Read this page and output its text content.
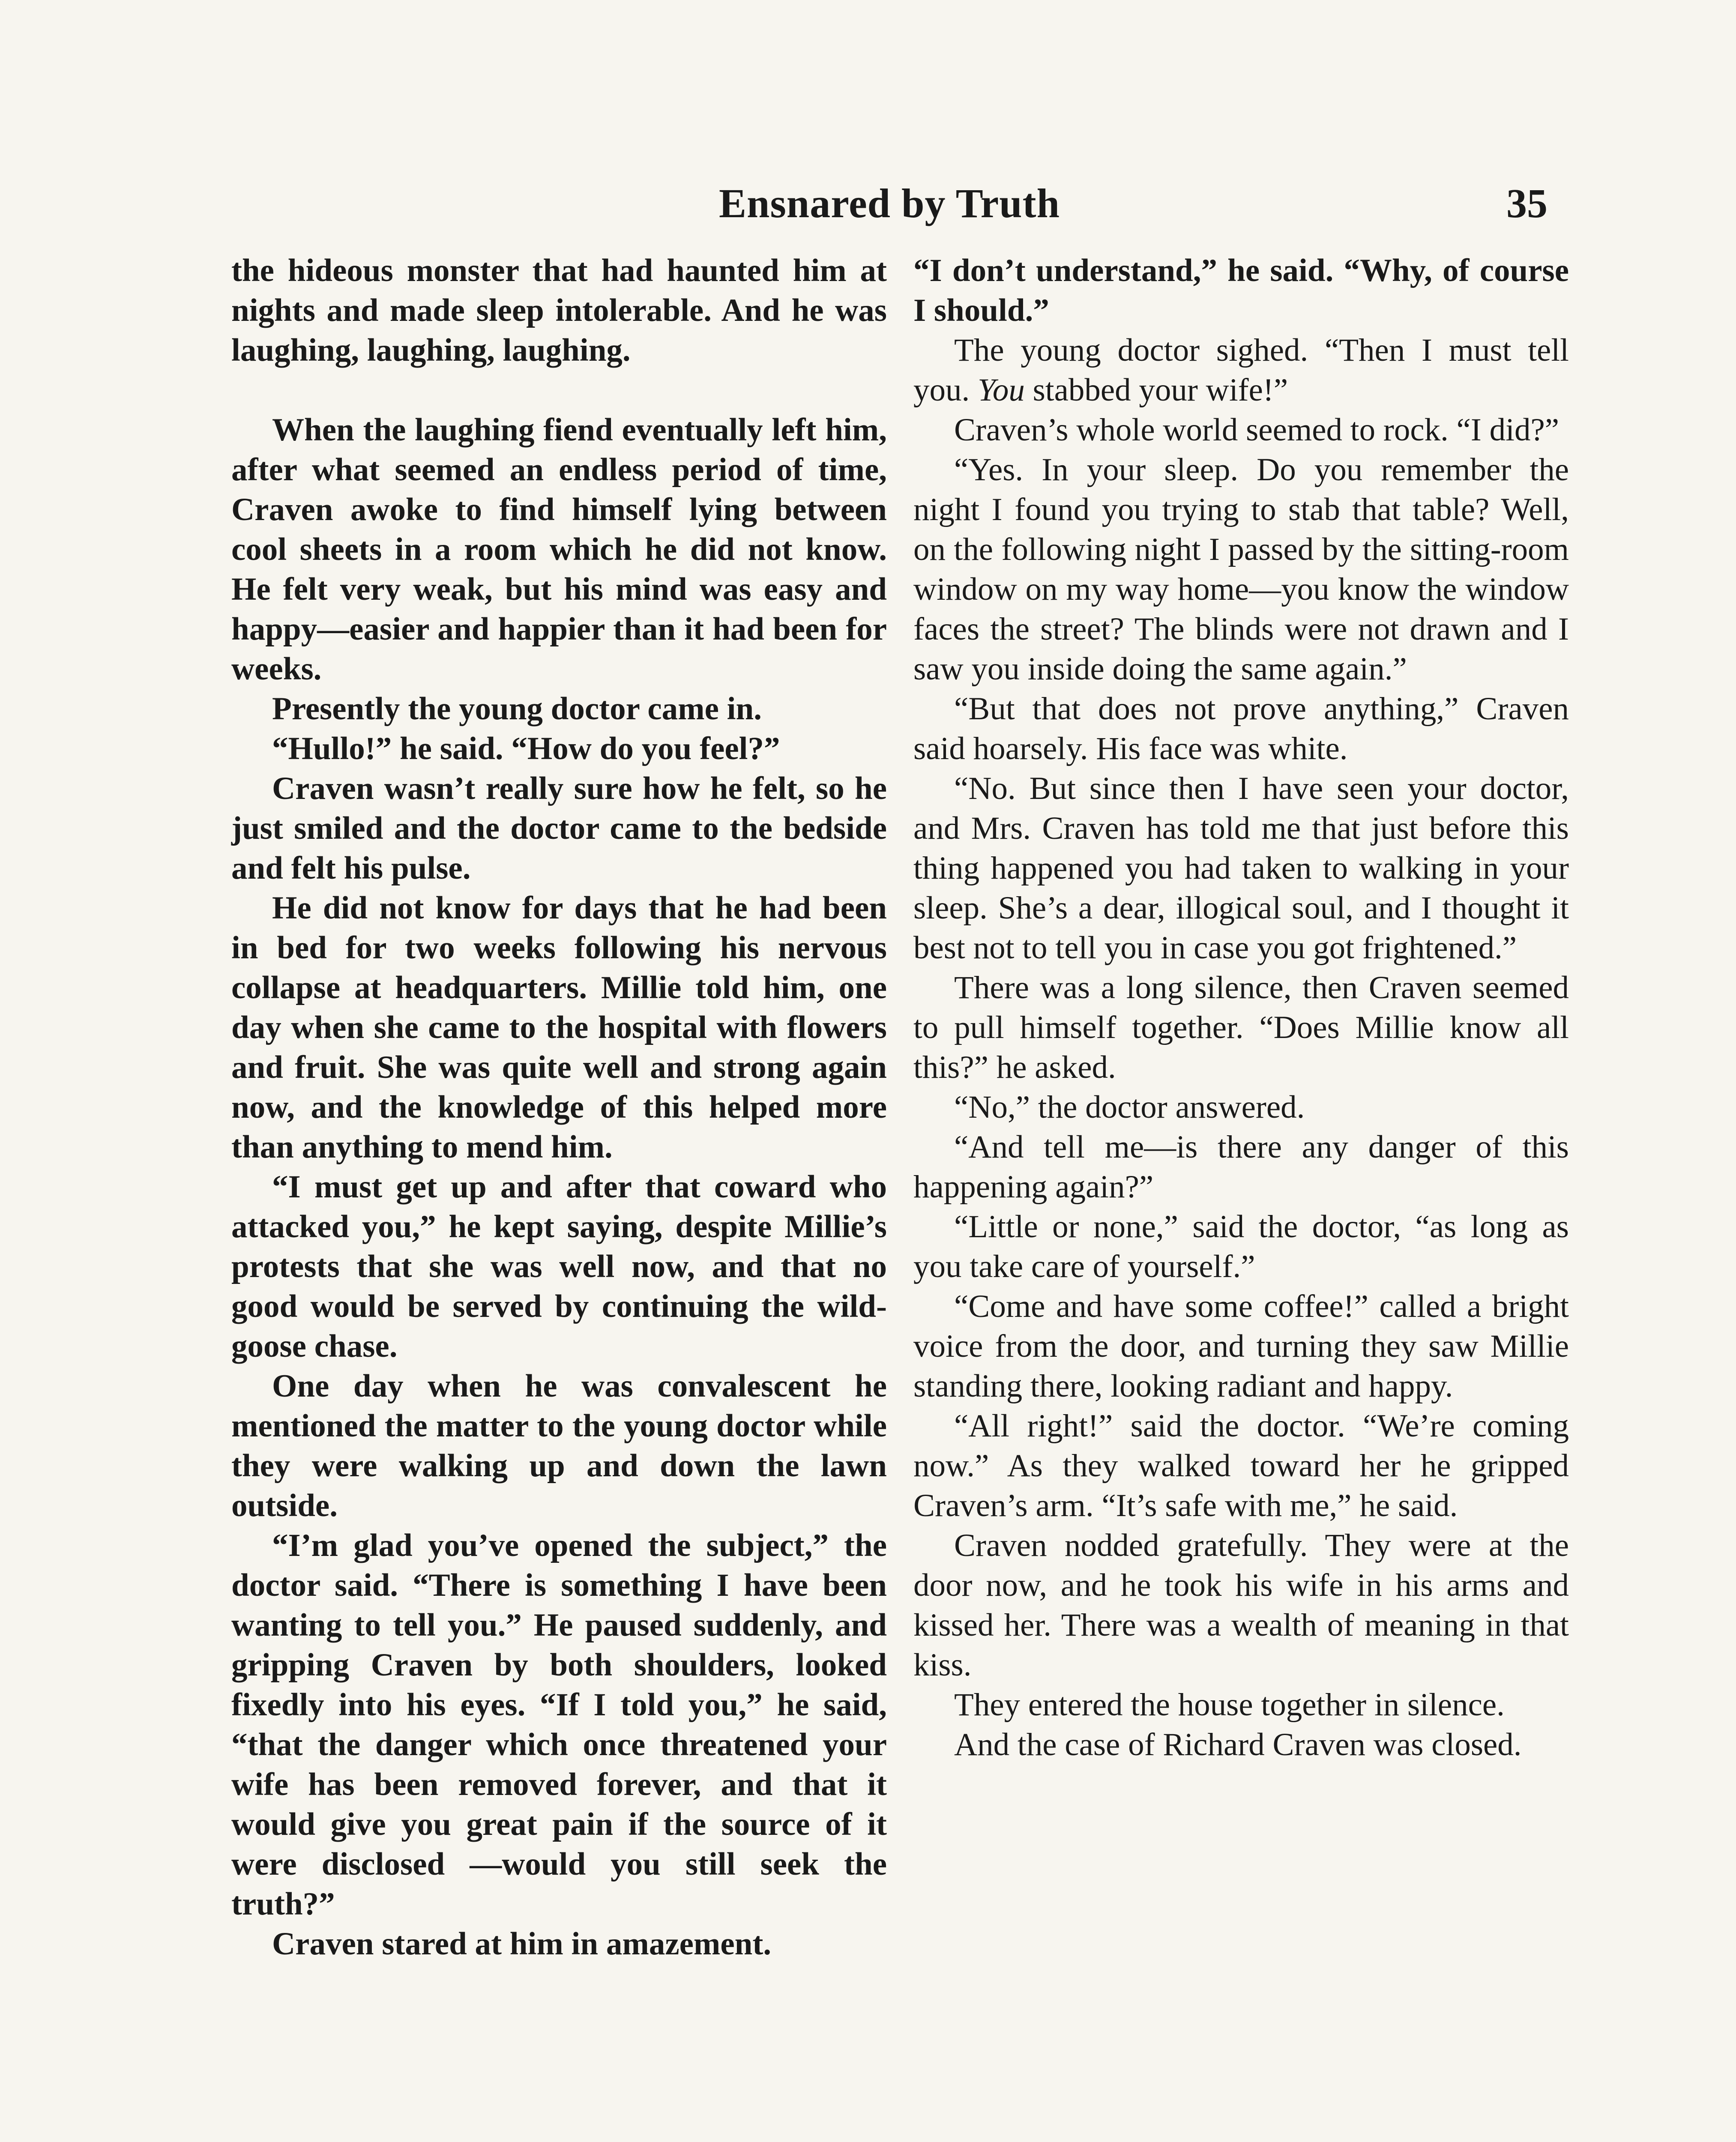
Ensnared by Truth	35

the hideous monster that had haunted him at nights and made sleep intolerable. And he was laughing, laughing, laughing.

When the laughing fiend eventually left him, after what seemed an endless period of time, Craven awoke to find himself lying between cool sheets in a room which he did not know. He felt very weak, but his mind was easy and happy—easier and happier than it had been for weeks.

Presently the young doctor came in.

“Hullo!” he said. “How do you feel?”

Craven wasn’t really sure how he felt, so he just smiled and the doctor came to the bedside and felt his pulse.

He did not know for days that he had been in bed for two weeks following his nervous collapse at headquarters. Millie told him, one day when she came to the hospital with flowers and fruit. She was quite well and strong again now, and the knowledge of this helped more than anything to mend him.

“I must get up and after that coward who attacked you,” he kept saying, despite Millie’s protests that she was well now, and that no good would be served by continuing the wild-goose chase.

One day when he was convalescent he mentioned the matter to the young doctor while they were walking up and down the lawn outside.

“I’m glad you’ve opened the subject,” the doctor said. “There is something I have been wanting to tell you.” He paused suddenly, and gripping Craven by both shoulders, looked fixedly into his eyes. “If I told you,” he said, “that the danger which once threatened your wife has been removed forever, and that it would give you great pain if the source of it were disclosed —would you still seek the truth?”

Craven stared at him in amazement.

“I don’t understand,” he said. “Why, of course I should.”

The young doctor sighed. “Then I must tell you. You stabbed your wife!”

Craven’s whole world seemed to rock. “I did?”

“Yes. In your sleep. Do you remember the night I found you trying to stab that table? Well, on the following night I passed by the sitting-room window on my way home—you know the window faces the street? The blinds were not drawn and I saw you inside doing the same again.”

“But that does not prove anything,” Craven said hoarsely. His face was white.

“No. But since then I have seen your doctor, and Mrs. Craven has told me that just before this thing happened you had taken to walking in your sleep. She’s a dear, illogical soul, and I thought it best not to tell you in case you got frightened.”

There was a long silence, then Craven seemed to pull himself together. “Does Millie know all this?” he asked.

“No,” the doctor answered.

“And tell me—is there any danger of this happening again?”

“Little or none,” said the doctor, “as long as you take care of yourself.”

“Come and have some coffee!” called a bright voice from the door, and turning they saw Millie standing there, looking radiant and happy.

“All right!” said the doctor. “We’re coming now.” As they walked toward her he gripped Craven’s arm. “It’s safe with me,” he said.

Craven nodded gratefully. They were at the door now, and he took his wife in his arms and kissed her. There was a wealth of meaning in that kiss.

They entered the house together in silence.

And the case of Richard Craven was closed.
